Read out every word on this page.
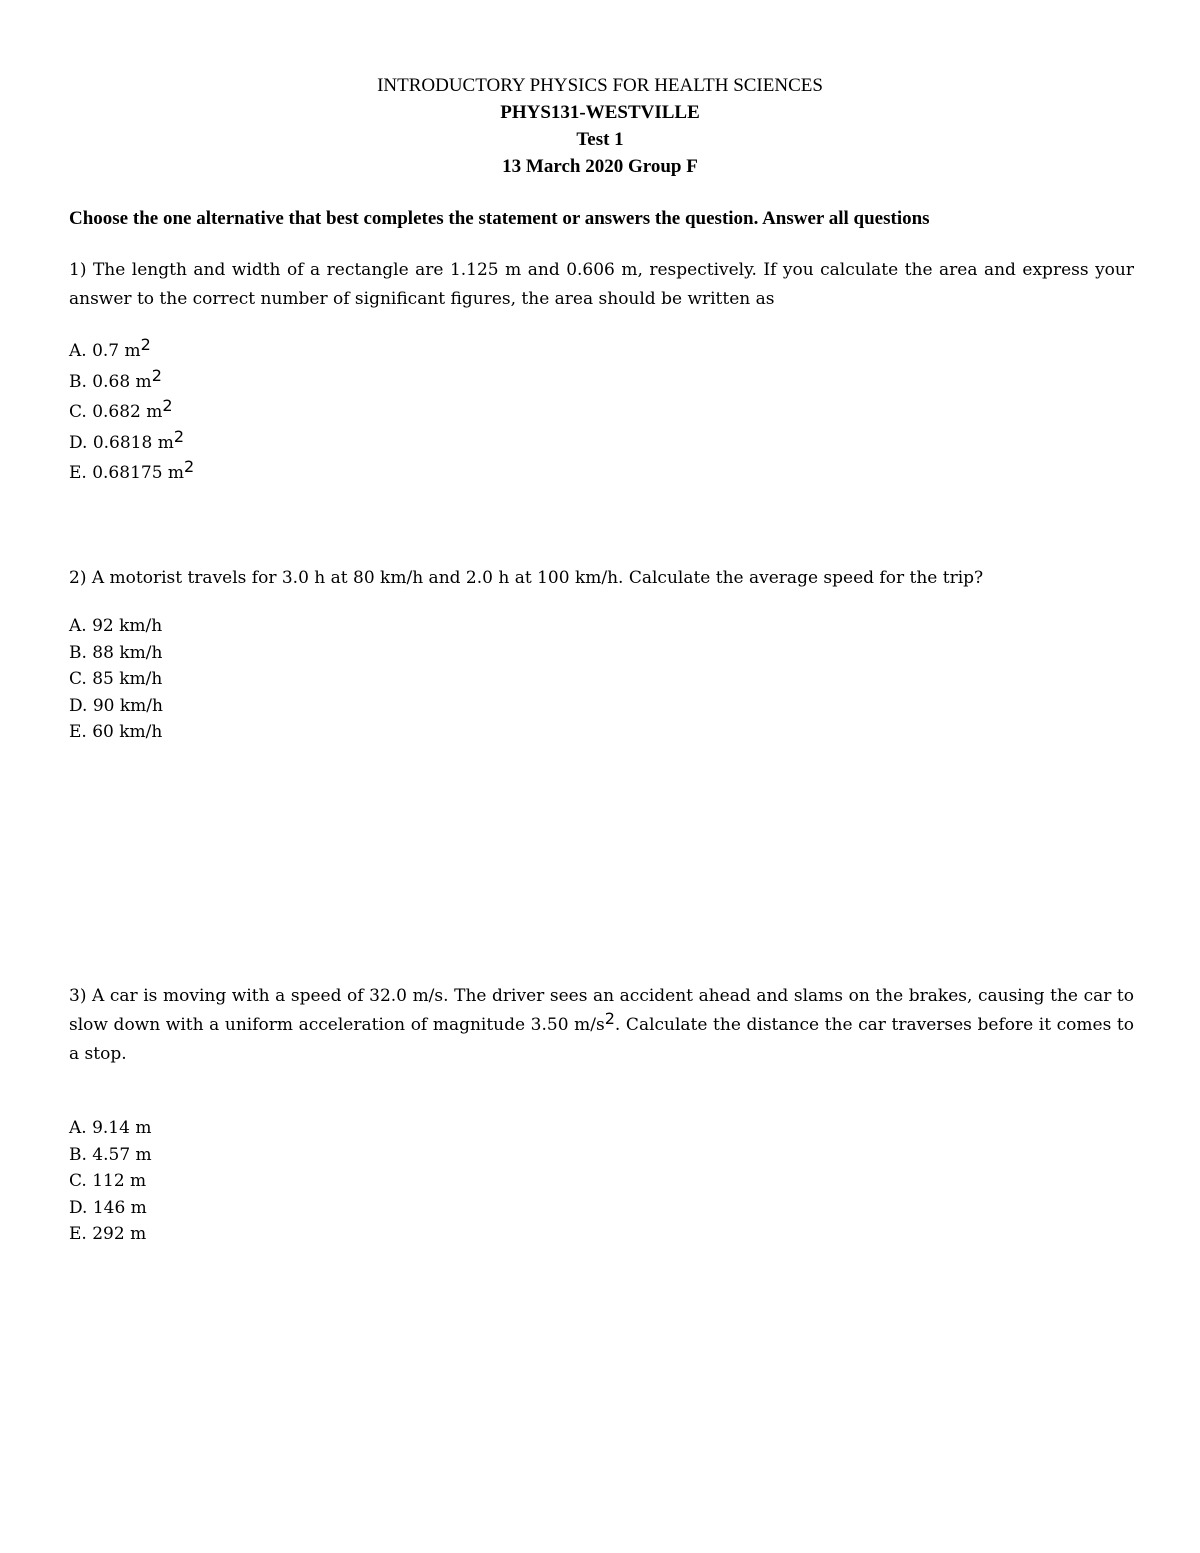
INTRODUCTORY PHYSICS FOR HEALTH SCIENCES
PHYS131-WESTVILLE
Test 1
13 March 2020 Group F
Choose the one alternative that best completes the statement or answers the question. Answer all questions
1) The length and width of a rectangle are 1.125 m and 0.606 m, respectively. If you calculate the area and express your answer to the correct number of significant figures, the area should be written as
A. 0.7 m2
B. 0.68 m2
C. 0.682 m2
D. 0.6818 m2
E. 0.68175 m2
2) A motorist travels for 3.0 h at 80 km/h and 2.0 h at 100 km/h. Calculate the average speed for the trip?
A. 92 km/h
B. 88 km/h
C. 85 km/h
D. 90 km/h
E. 60 km/h
3) A car is moving with a speed of 32.0 m/s. The driver sees an accident ahead and slams on the brakes, causing the car to slow down with a uniform acceleration of magnitude 3.50 m/s2. Calculate the distance the car traverses before it comes to a stop.
A. 9.14 m
B. 4.57 m
C. 112 m
D. 146 m
E. 292 m
